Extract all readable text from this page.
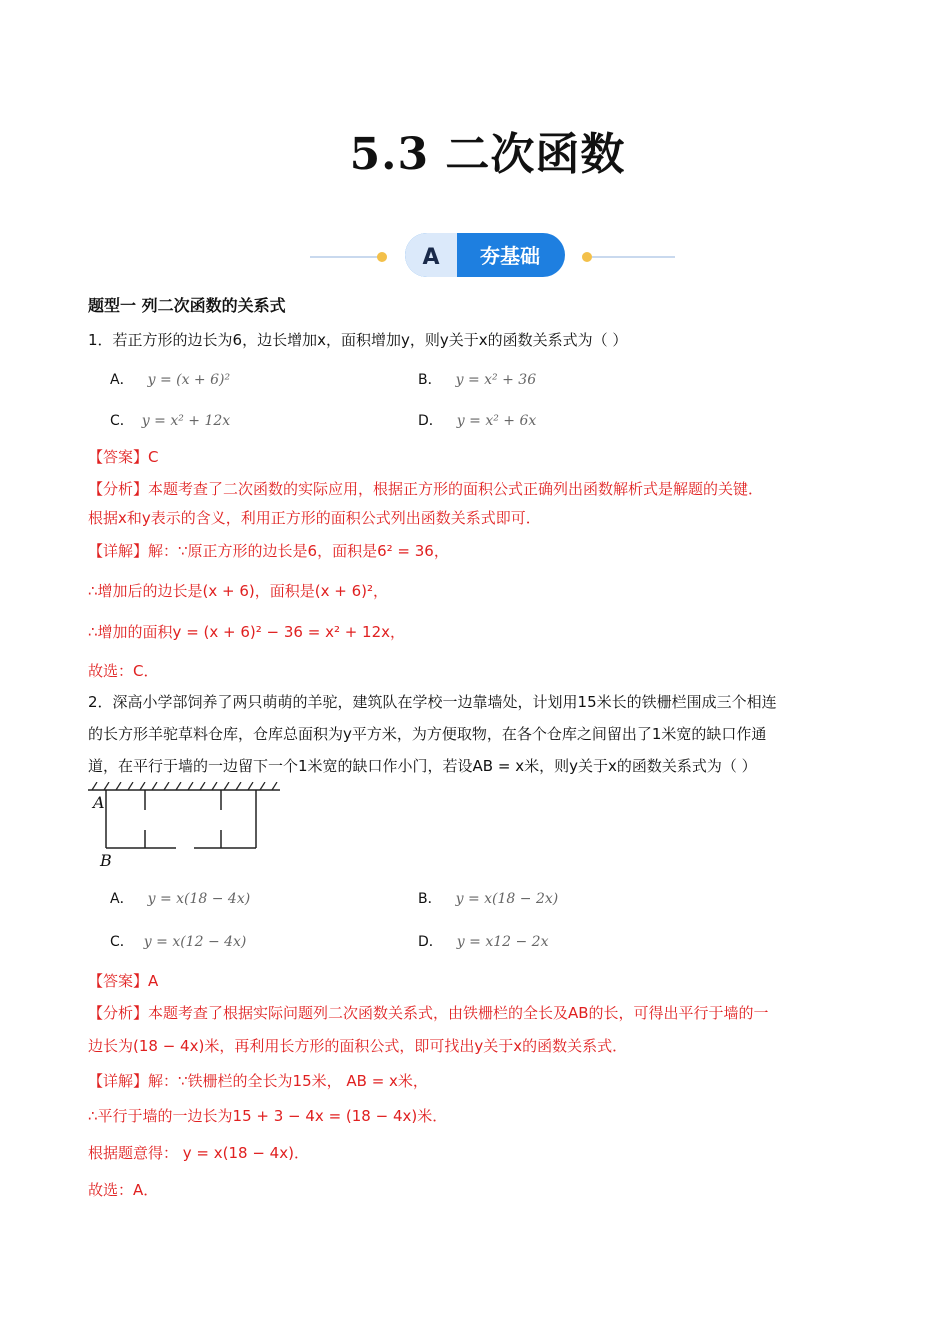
5.3 二次函数
A 夯基础
题型一 列二次函数的关系式
1．若正方形的边长为6，边长增加x，面积增加y，则y关于x的函数关系式为（ ）
A． y = (x + 6)²	B． y = x² + 36
C． y = x² + 12x	D． y = x² + 6x
【答案】C
【分析】本题考查了二次函数的实际应用，根据正方形的面积公式正确列出函数解析式是解题的关键．
根据x和y表示的含义，利用正方形的面积公式列出函数关系式即可．
【详解】解：∵原正方形的边长是6，面积是6² = 36，
∴增加后的边长是(x + 6)，面积是(x + 6)²，
∴增加的面积y = (x + 6)² − 36 = x² + 12x，
故选：C．
2．深高小学部饲养了两只萌萌的羊驼，建筑队在学校一边靠墙处，计划用15米长的铁栅栏围成三个相连
的长方形羊驼草料仓库，仓库总面积为y平方米，为方便取物，在各个仓库之间留出了1米宽的缺口作通
道，在平行于墙的一边留下一个1米宽的缺口作小门，若设AB = x米，则y关于x的函数关系式为（ ）
A
B
A． y = x(18 − 4x)	B． y = x(18 − 2x)
C． y = x(12 − 4x)	D． y = x12 − 2x
【答案】A
【分析】本题考查了根据实际问题列二次函数关系式，由铁栅栏的全长及AB的长，可得出平行于墙的一
边长为(18 − 4x)米，再利用长方形的面积公式，即可找出y关于x的函数关系式．
【详解】解：∵铁栅栏的全长为15米， AB = x米，
∴平行于墙的一边长为15 + 3 − 4x = (18 − 4x)米．
根据题意得： y = x(18 − 4x)．
故选：A．
